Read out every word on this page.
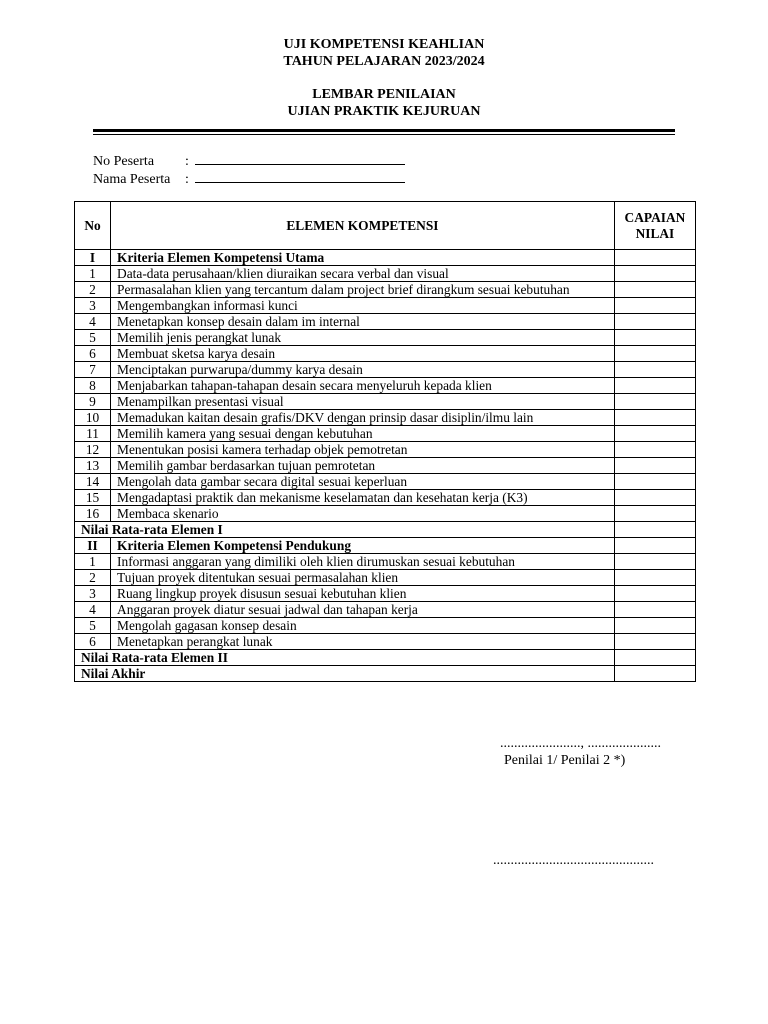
UJI KOMPETENSI KEAHLIAN
TAHUN PELAJARAN 2023/2024
LEMBAR PENILAIAN
UJIAN PRAKTIK KEJURUAN
No Peserta :
Nama Peserta :
No	ELEMEN KOMPETENSI	CAPAIAN NILAI
I	Kriteria Elemen Kompetensi Utama	
1	Data-data perusahaan/klien diuraikan secara verbal dan visual	
2	Permasalahan klien yang tercantum dalam project brief dirangkum sesuai kebutuhan	
3	Mengembangkan informasi kunci	
4	Menetapkan konsep desain dalam im internal	
5	Memilih jenis perangkat lunak	
6	Membuat sketsa karya desain	
7	Menciptakan purwarupa/dummy karya desain	
8	Menjabarkan tahapan-tahapan desain secara menyeluruh kepada klien	
9	Menampilkan presentasi visual	
10	Memadukan kaitan desain grafis/DKV dengan prinsip dasar disiplin/ilmu lain	
11	Memilih kamera yang sesuai dengan kebutuhan	
12	Menentukan posisi kamera terhadap objek pemotretan	
13	Memilih gambar berdasarkan tujuan pemrotetan	
14	Mengolah data gambar secara digital sesuai keperluan	
15	Mengadaptasi praktik dan mekanisme keselamatan dan kesehatan kerja (K3)	
16	Membaca skenario	
Nilai Rata-rata Elemen I		
II	Kriteria Elemen Kompetensi Pendukung	
1	Informasi anggaran yang dimiliki oleh klien dirumuskan sesuai kebutuhan	
2	Tujuan proyek ditentukan sesuai permasalahan klien	
3	Ruang lingkup proyek disusun sesuai kebutuhan klien	
4	Anggaran proyek diatur sesuai jadwal dan tahapan kerja	
5	Mengolah gagasan konsep desain	
6	Menetapkan perangkat lunak	
Nilai Rata-rata Elemen II		
Nilai Akhir		
......................., .....................
Penilai 1/ Penilai 2 *)
..............................................
